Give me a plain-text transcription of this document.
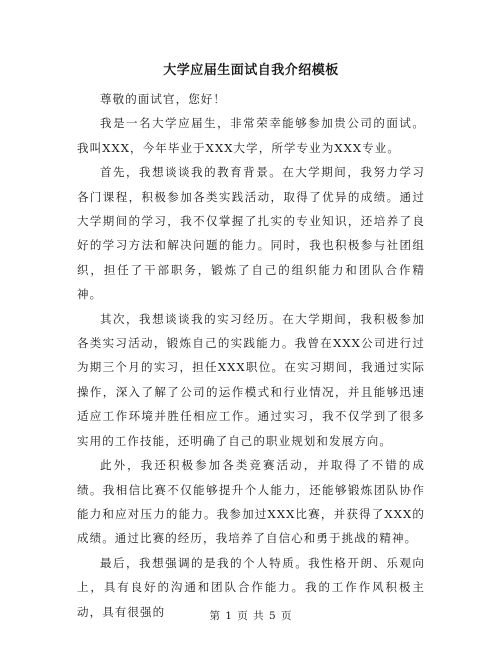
大学应届生面试自我介绍模板

尊敬的面试官，您好！

我是一名大学应届生，非常荣幸能够参加贵公司的面试。我叫XXX，今年毕业于XXX大学，所学专业为XXX专业。

首先，我想谈谈我的教育背景。在大学期间，我努力学习各门课程，积极参加各类实践活动，取得了优异的成绩。通过大学期间的学习，我不仅掌握了扎实的专业知识，还培养了良好的学习方法和解决问题的能力。同时，我也积极参与社团组织，担任了干部职务，锻炼了自己的组织能力和团队合作精神。

其次，我想谈谈我的实习经历。在大学期间，我积极参加各类实习活动，锻炼自己的实践能力。我曾在XXX公司进行过为期三个月的实习，担任XXX职位。在实习期间，我通过实际操作，深入了解了公司的运作模式和行业情况，并且能够迅速适应工作环境并胜任相应工作。通过实习，我不仅学到了很多实用的工作技能，还明确了自己的职业规划和发展方向。

此外，我还积极参加各类竞赛活动，并取得了不错的成绩。我相信比赛不仅能够提升个人能力，还能够锻炼团队协作能力和应对压力的能力。我参加过XXX比赛，并获得了XXX的成绩。通过比赛的经历，我培养了自信心和勇于挑战的精神。

最后，我想强调的是我的个人特质。我性格开朗、乐观向上，具有良好的沟通和团队合作能力。我的工作作风积极主动，具有很强的	第 1 页 共 5 页
